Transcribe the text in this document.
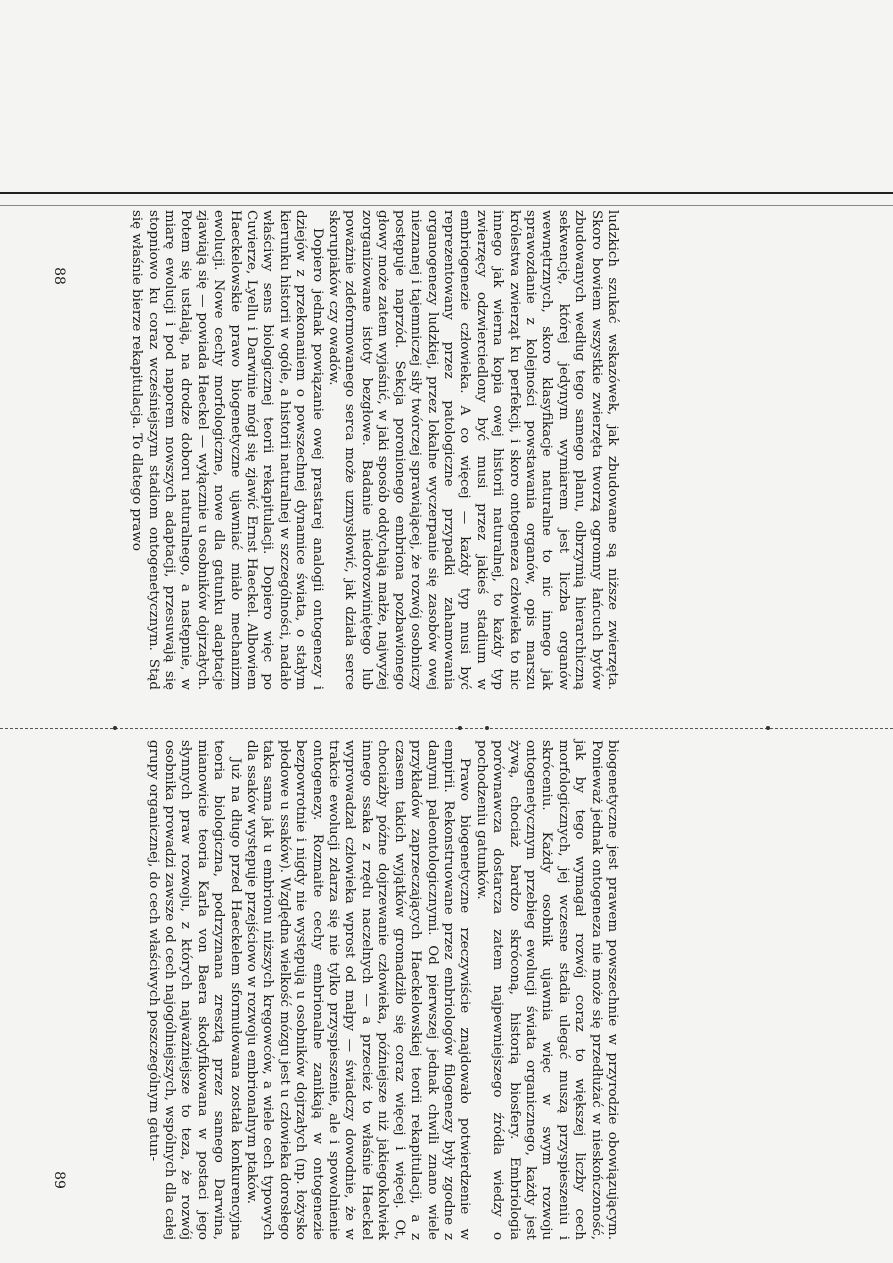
ludzkich szukać wskazówek, jak zbudowane są niższe zwierzęta. Skoro bowiem wszystkie zwierzęta tworzą ogromny łańcuch bytów zbudowanych według tego samego planu, olbrzymią hierarchiczną sekwencję, której jedynym wymiarem jest liczba organów wewnętrznych, skoro klasyfikacje naturalne to nic innego jak sprawozdanie z kolejności powstawania organów, opis marszu królestwa zwierząt ku perfekcji, i skoro ontogeneza człowieka to nic innego jak wierna kopia owej historii naturalnej, to każdy typ zwierzęcy odzwierciedlony być musi przez jakieś stadium w embriogenezie człowieka. A co więcej — każdy typ musi być reprezentowany przez patologiczne przypadki zahamowania organogenezy ludzkiej, przez lokalne wyczerpanie się zasobów owej nieznanej i tajemniczej siły twórczej sprawiającej, że rozwój osobniczy postępuje naprzód. Sekcja poronionego embriona pozbawionego głowy może zatem wyjaśnić, w jaki sposób oddychają małże, najwyżej zorganizowane istoty bezgłowe. Badanie niedorozwiniętego lub poważnie zdeformowanego serca może uzmysłowić, jak działa serce skorupiaków czy owadów.

Dopiero jednak powiązanie owej prastarej analogii ontogenezy i dziejów z przekonaniem o powszechnej dynamice świata, o stałym kierunku historii w ogóle, a historii naturalnej w szczególności, nadało właściwy sens biologicznej teorii rekapitulacji. Dopiero więc po Cuvierze, Lyellu i Darwinie mógł się zjawić Ernst Haeckel. Albowiem Haeckelowskie prawo biogenetyczne ujawniać miało mechanizm ewolucji. Nowe cechy morfologiczne, nowe dla gatunku adaptacje zjawiają się — powiada Haeckel — wyłącznie u osobników dojrzałych. Potem się ustalają, na drodze doboru naturalnego, a następnie, w miarę ewolucji i pod naporem nowszych adaptacji, przesuwają się stopniowo ku coraz wcześniejszym stadiom ontogenetycznym. Stąd się właśnie bierze rekapitulacja. To dlatego prawo

biogenetyczne jest prawem powszechnie w przyrodzie obowiązującym. Ponieważ jednak ontogeneza nie może się przedłużać w nieskończoność, jak by tego wymagał rozwój coraz to większej liczby cech morfologicznych, jej wczesne stadia ulegać muszą przyspieszeniu i skróceniu. Każdy osobnik ujawnia więc w swym rozwoju ontogenetycznym przebieg ewolucji świata organicznego, każdy jest żywą, chociaż bardzo skróconą, historią biosfery. Embriologia porównawcza dostarcza zatem najpewniejszego źródła wiedzy o pochodzeniu gatunków.

Prawo biogenetyczne rzeczywiście znajdowało potwierdzenie w empirii. Rekonstruowane przez embriologów filogenezy były zgodne z danymi paleontologicznymi. Od pierwszej jednak chwili znano wiele przykładów zaprzeczających Haeckelowskiej teorii rekapitulacji, a z czasem takich wyjątków gromadziło się coraz więcej i więcej. Ot, chociażby późne dojrzewanie człowieka, późniejsze niż jakiegokolwiek innego ssaka z rzędu naczelnych — a przecież to właśnie Haeckel wyprowadzał człowieka wprost od małpy — świadczy dowodnie, że w trakcie ewolucji zdarza się nie tylko przyspieszenie, ale i spowolnienie ontogenezy. Rozmaite cechy embrionalne zanikają w ontogenezie bezpowrotnie i nigdy nie występują u osobników dojrzałych (np. łożysko płodowe u ssaków). Względna wielkość mózgu jest u człowieka dorosłego taka sama jak u embrionu niższych kręgowców, a wiele cech typowych dla ssaków występuje przejściowo w rozwoju embrionalnym ptaków.

Już na długo przed Haeckelem sformułowana została konkurencyjna teoria biologiczna, podrzyznana zresztą przez samego Darwina, mianowicie teoria Karla von Baera skodyfikowana w postaci jego słynnych praw rozwoju, z których najważniejsze to teza, że rozwój osobnika prowadzi zawsze od cech najogólniejszych, wspólnych dla całej grupy organicznej, do cech właściwych poszczególnym gatun-

88
89
